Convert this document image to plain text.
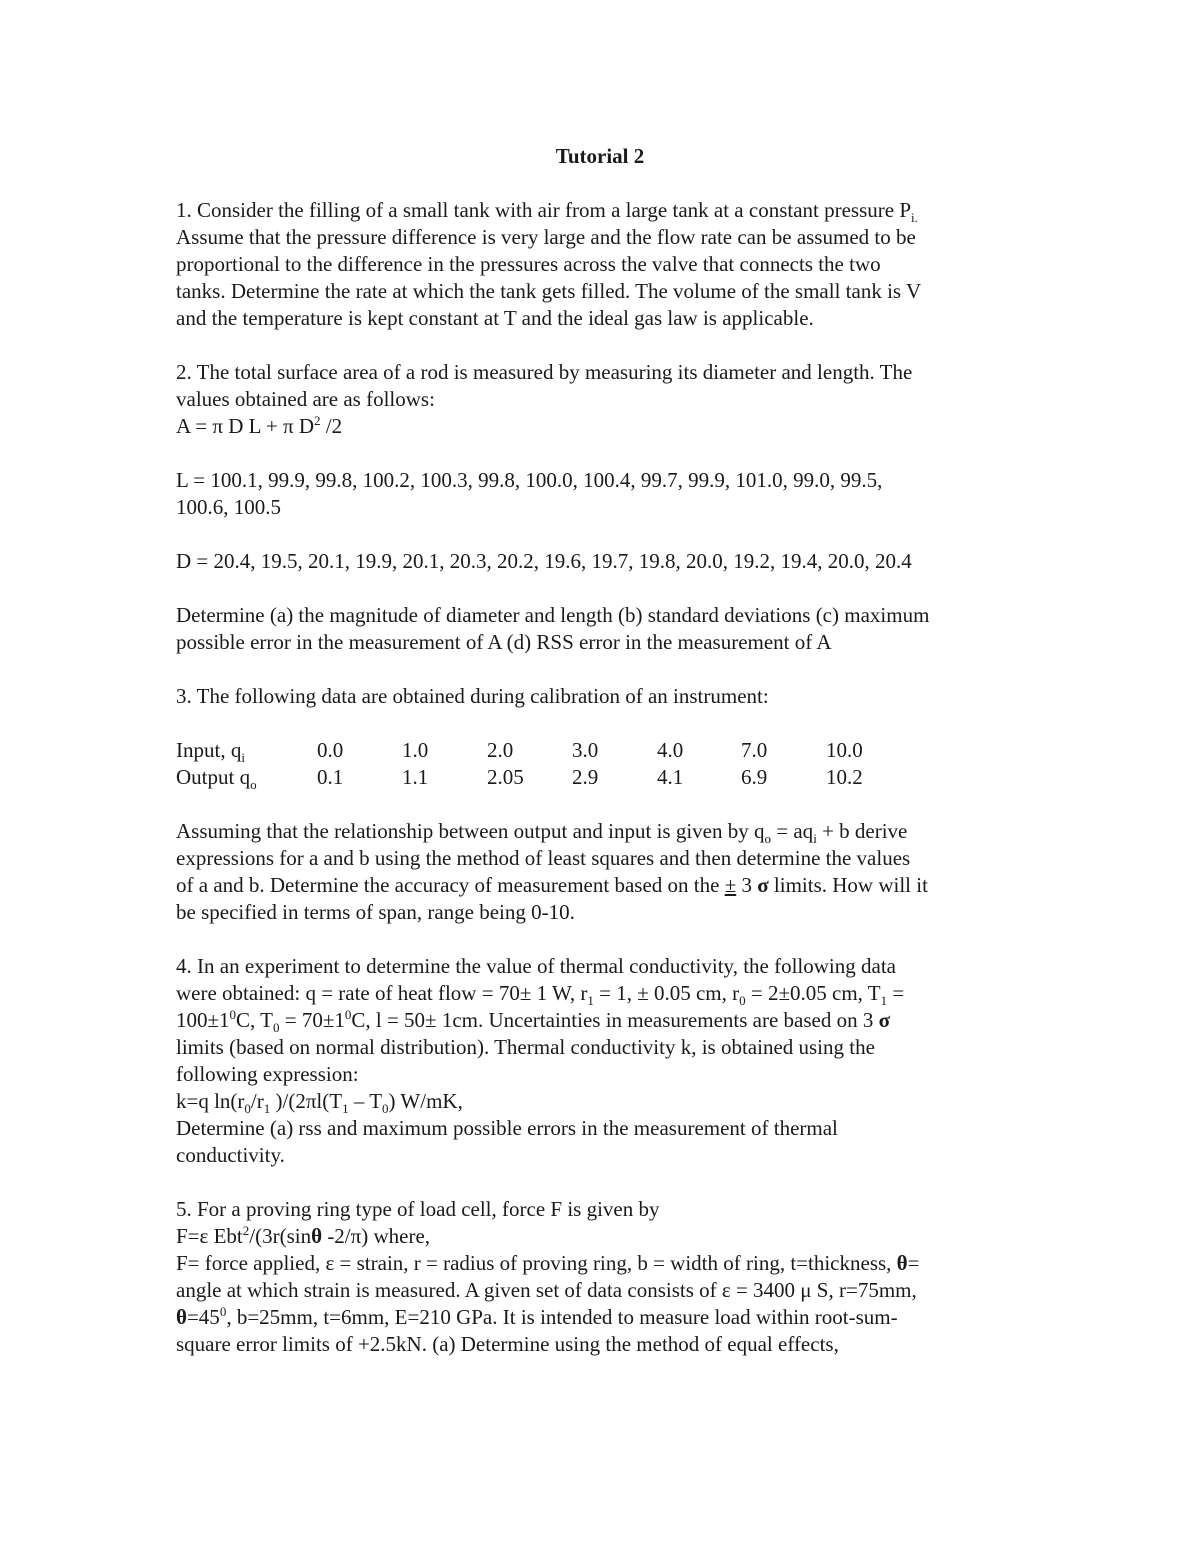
Tutorial 2
1. Consider the filling of a small tank with air from a large tank at a constant pressure $P_{i.}$
Assume that the pressure difference is very large and the flow rate can be assumed to be
proportional to the difference in the pressures across the valve that connects the two
tanks. Determine the rate at which the tank gets filled. The volume of the small tank is V
and the temperature is kept constant at T and the ideal gas law is applicable.
2. The total surface area of a rod is measured by measuring its diameter and length. The
values obtained are as follows:
A = π D L + π $D^2$ /2
L = 100.1, 99.9, 99.8, 100.2, 100.3, 99.8, 100.0, 100.4, 99.7, 99.9, 101.0, 99.0, 99.5,
100.6, 100.5
D = 20.4, 19.5, 20.1, 19.9, 20.1, 20.3, 20.2, 19.6, 19.7, 19.8, 20.0, 19.2, 19.4, 20.0, 20.4
Determine (a) the magnitude of diameter and length (b) standard deviations (c) maximum
possible error in the measurement of A (d) RSS error in the measurement of A
3. The following data are obtained during calibration of an instrument:
Input, $q_i$	0.0	1.0	2.0	3.0	4.0	7.0	10.0
Output $q_o$	0.1	1.1	2.05	2.9	4.1	6.9	10.2
Assuming that the relationship between output and input is given by $q_o = aq_i + b$ derive
expressions for a and b using the method of least squares and then determine the values
of a and b. Determine the accuracy of measurement based on the ± 3 σ limits. How will it
be specified in terms of span, range being 0-10.
4. In an experiment to determine the value of thermal conductivity, the following data
were obtained: q = rate of heat flow = 70± 1 W, $r_1 = 1$, ± 0.05 cm, $r_0 = 2\pm 0.05$ cm, $T_1$ =
$100\pm 1^0C$, $T_0 = 70\pm 1^0C$, l = 50± 1cm. Uncertainties in measurements are based on 3 σ
limits (based on normal distribution). Thermal conductivity k, is obtained using the
following expression:
k=q $\ln(r_0/r_1$ )$/(2\pi l(T_1 - T_0)$ W/mK,
Determine (a) rss and maximum possible errors in the measurement of thermal
conductivity.
5. For a proving ring type of load cell, force F is given by
F=ε Ebt$^2$/(3r(sinθ -2/π) where,
F= force applied, ε = strain, r = radius of proving ring, b = width of ring, t=thickness, θ=
angle at which strain is measured. A given set of data consists of ε = 3400 μ S, r=75mm,
$\theta=45^0$, b=25mm, t=6mm, E=210 GPa. It is intended to measure load within root-sum-
square error limits of +2.5kN. (a) Determine using the method of equal effects,
